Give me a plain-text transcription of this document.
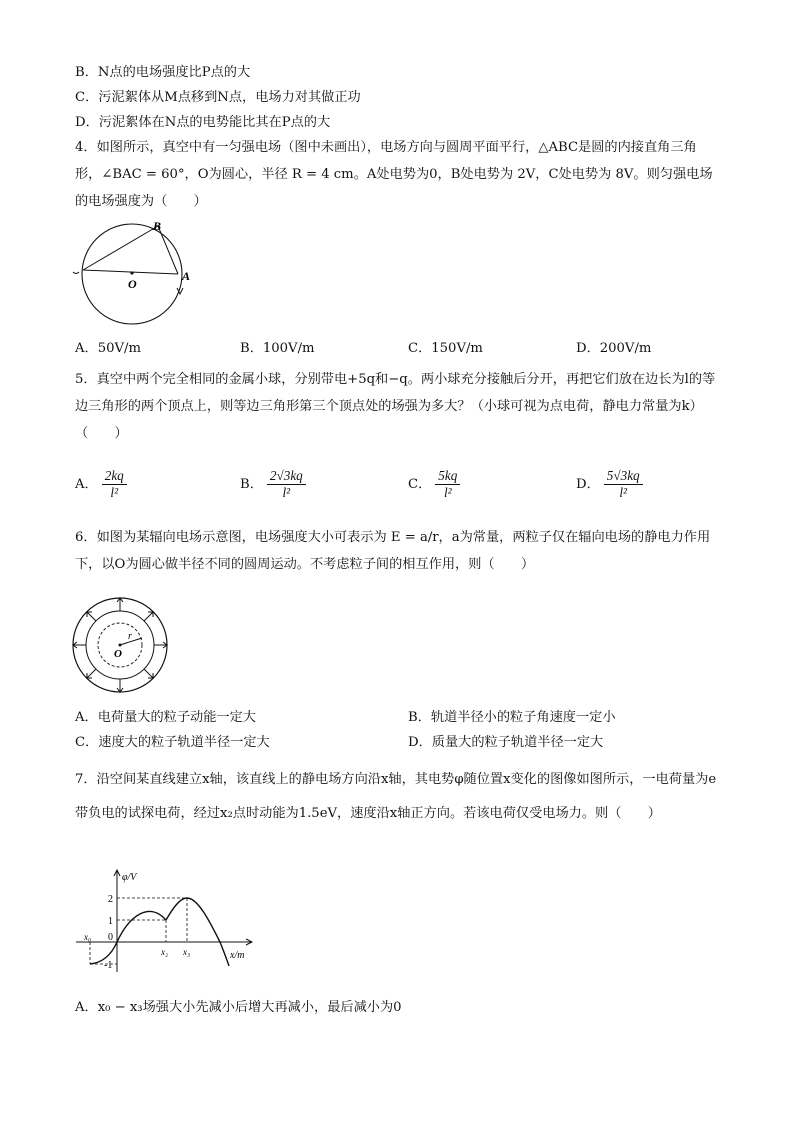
B．N点的电场强度比P点的大
C．污泥絮体从M点移到N点，电场力对其做正功
D．污泥絮体在N点的电势能比其在P点的大
4．如图所示，真空中有一匀强电场（图中未画出），电场方向与圆周平面平行，△ABC是圆的内接直角三角形，∠BAC = 60°，O为圆心，半径 R = 4 cm。A处电势为0，B处电势为 2V，C处电势为 8V。则匀强电场的电场强度为（　　）
B
O
A
A．50V/m	B．100V/m	C．150V/m	D．200V/m
5．真空中两个完全相同的金属小球，分别带电+5q和−q。两小球充分接触后分开，再把它们放在边长为l的等边三角形的两个顶点上，则等边三角形第三个顶点处的场强为多大？（小球可视为点电荷，静电力常量为k）（　　）
A． $\frac{2kq}{\text{l²}}$	B． $\frac{2√3kq}{\text{l²}}$	C． $\frac{5kq}{\text{l²}}$	D． $\frac{5√3kq}{\text{l²}}$
6．如图为某辐向电场示意图，电场强度大小可表示为 E = a/r，a为常量，两粒子仅在辐向电场的静电力作用下，以O为圆心做半径不同的圆周运动。不考虑粒子间的相互作用，则（　　）
O
r
A．电荷量大的粒子动能一定大	B．轨道半径小的粒子角速度一定小
C．速度大的粒子轨道半径一定大	D．质量大的粒子轨道半径一定大
7．沿空间某直线建立x轴，该直线上的静电场方向沿x轴，其电势φ随位置x变化的图像如图所示，一电荷量为e带负电的试探电荷，经过x₂点时动能为1.5eV，速度沿x轴正方向。若该电荷仅受电场力。则（　　）
φ/V
x/m
2
1
0
-1
x₀
x₂ x₃
A．x₀ − x₃场强大小先减小后增大再减小，最后减小为0
